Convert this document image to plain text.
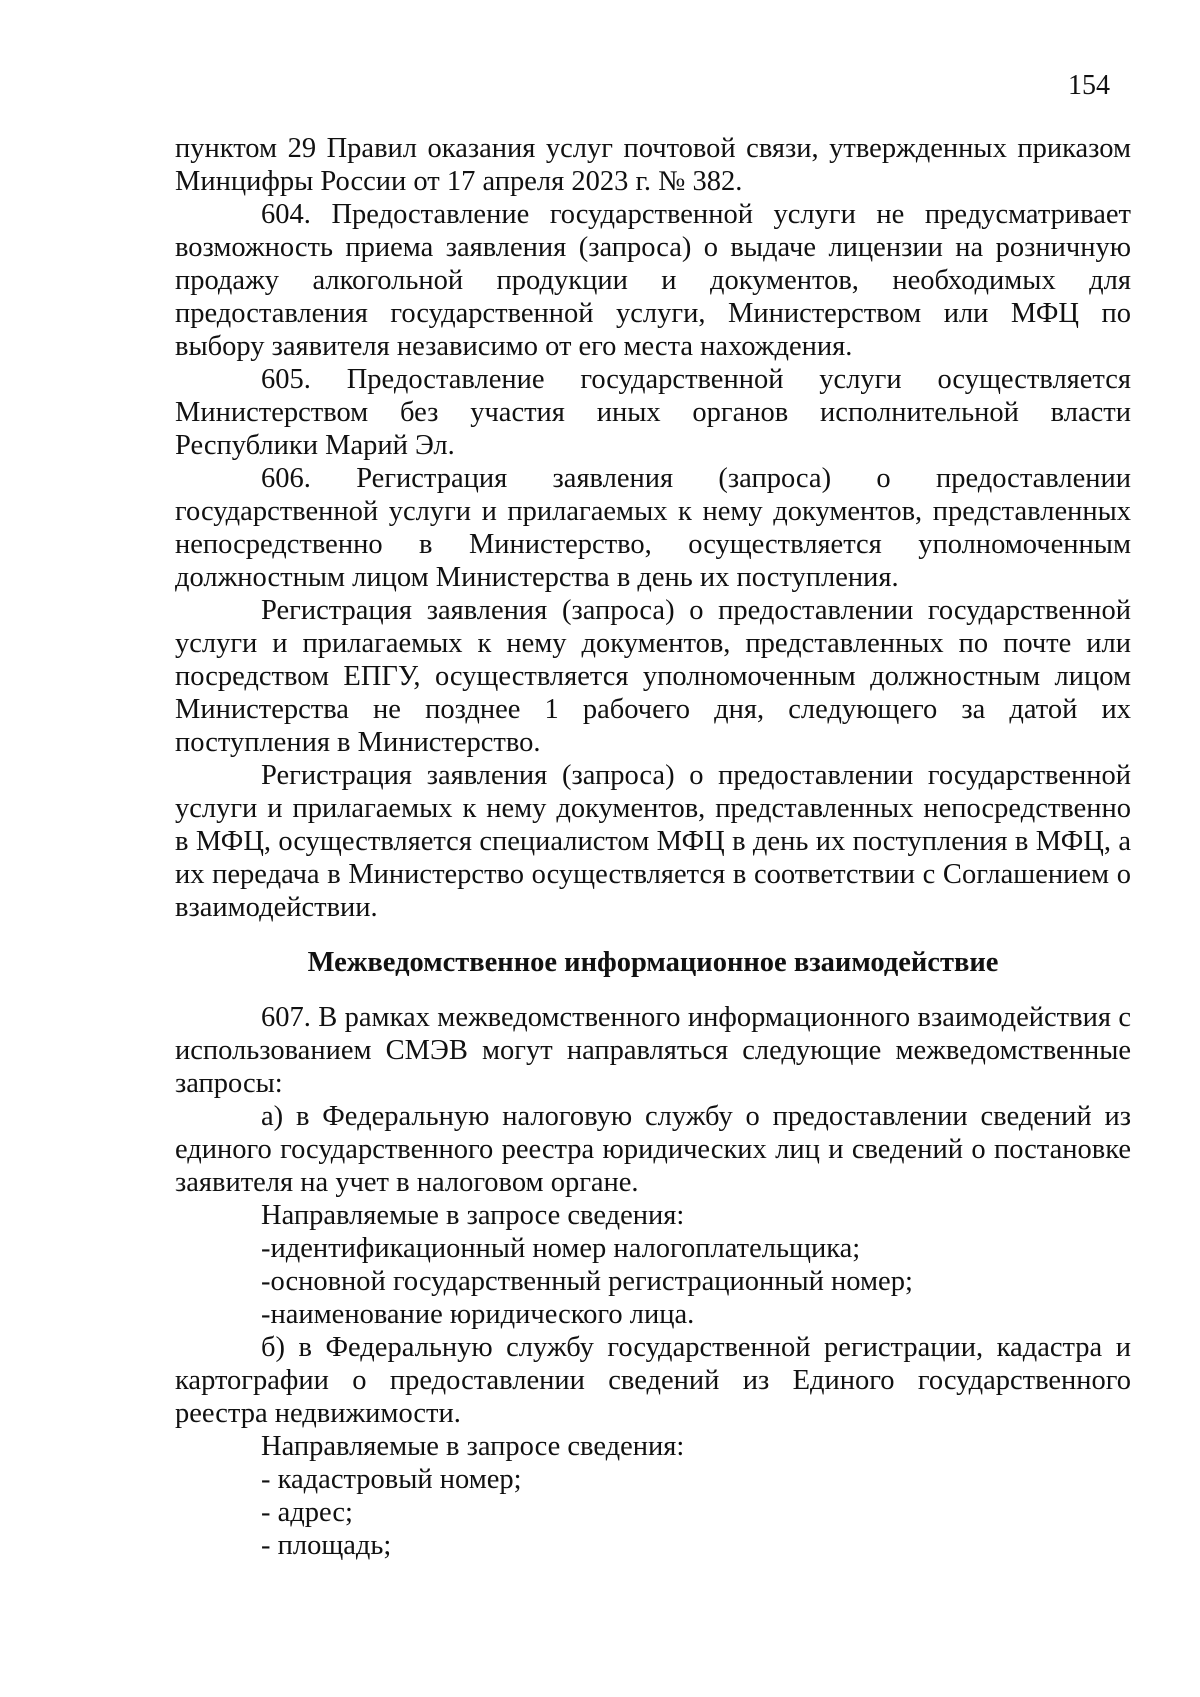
154

пунктом 29 Правил оказания услуг почтовой связи, утвержденных приказом Минцифры России от 17 апреля 2023 г. № 382.

604. Предоставление государственной услуги не предусматривает возможность приема заявления (запроса) о выдаче лицензии на розничную продажу алкогольной продукции и документов, необходимых для предоставления государственной услуги, Министерством или МФЦ по выбору заявителя независимо от его места нахождения.

605. Предоставление государственной услуги осуществляется Министерством без участия иных органов исполнительной власти Республики Марий Эл.

606. Регистрация заявления (запроса) о предоставлении государственной услуги и прилагаемых к нему документов, представленных непосредственно в Министерство, осуществляется уполномоченным должностным лицом Министерства в день их поступления.

Регистрация заявления (запроса) о предоставлении государственной услуги и прилагаемых к нему документов, представленных по почте или посредством ЕПГУ, осуществляется уполномоченным должностным лицом Министерства не позднее 1 рабочего дня, следующего за датой их поступления в Министерство.

Регистрация заявления (запроса) о предоставлении государственной услуги и прилагаемых к нему документов, представленных непосредственно в МФЦ, осуществляется специалистом МФЦ в день их поступления в МФЦ, а их передача в Министерство осуществляется в соответствии с Соглашением о взаимодействии.

Межведомственное информационное взаимодействие

607. В рамках межведомственного информационного взаимодействия с использованием СМЭВ могут направляться следующие межведомственные запросы:

а) в Федеральную налоговую службу о предоставлении сведений из единого государственного реестра юридических лиц и сведений о постановке заявителя на учет в налоговом органе.

Направляемые в запросе сведения:

-идентификационный номер налогоплательщика;

-основной государственный регистрационный номер;

-наименование юридического лица.

б) в Федеральную службу государственной регистрации, кадастра и картографии о предоставлении сведений из Единого государственного реестра недвижимости.

Направляемые в запросе сведения:

- кадастровый номер;

- адрес;

- площадь;
